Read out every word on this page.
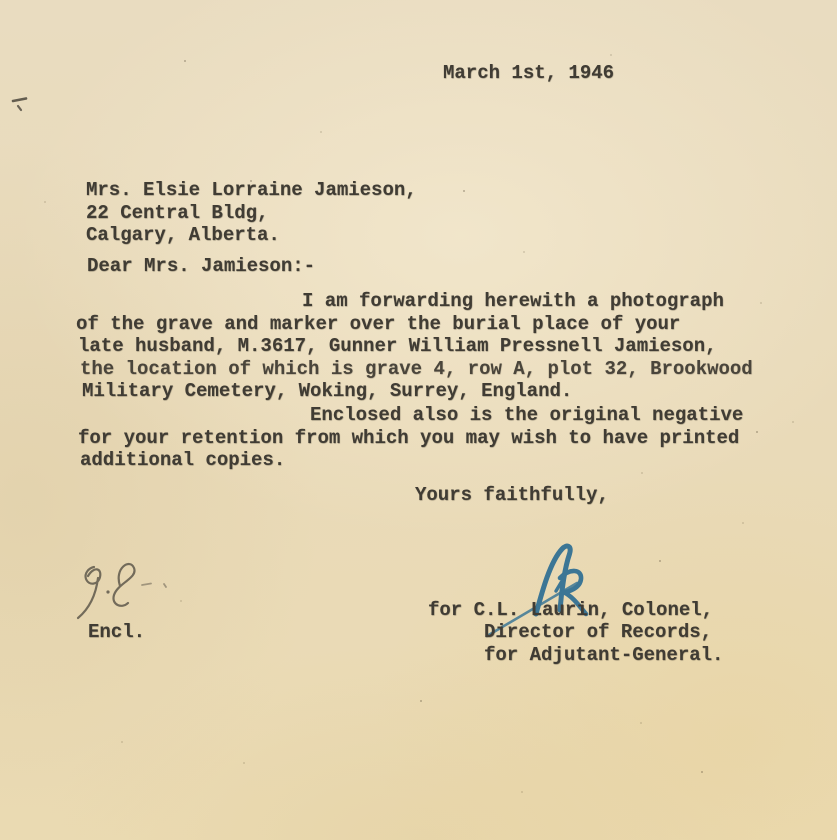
March 1st, 1946
Mrs. Elsie Lorraine Jamieson,
22 Central Bldg,
Calgary, Alberta.
Dear Mrs. Jamieson:-
I am forwarding herewith a photograph
of the grave and marker over the burial place of your
late husband, M.3617, Gunner William Pressnell Jamieson,
the location of which is grave 4, row A, plot 32, Brookwood
Military Cemetery, Woking, Surrey, England.
Enclosed also is the original negative
for your retention from which you may wish to have printed
additional copies.
Yours faithfully,
for C.L. Laurin, Colonel,
Director of Records,
for Adjutant-General.
Encl.
